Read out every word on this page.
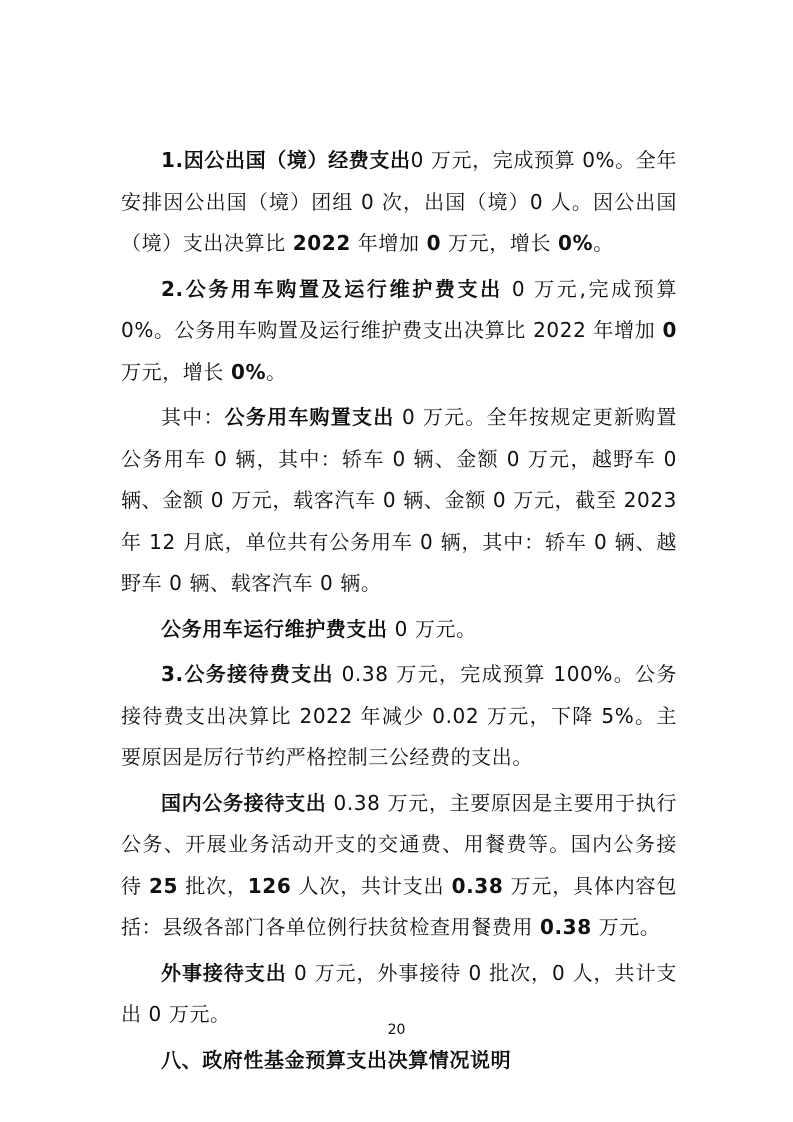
1.因公出国（境）经费支出0 万元，完成预算 0%。全年安排因公出国（境）团组 0 次，出国（境）0 人。因公出国（境）支出决算比 2022 年增加 0 万元，增长 0%。

2.公务用车购置及运行维护费支出 0 万元,完成预算 0%。公务用车购置及运行维护费支出决算比 2022 年增加 0 万元，增长 0%。

其中：公务用车购置支出 0 万元。全年按规定更新购置公务用车 0 辆，其中：轿车 0 辆、金额 0 万元，越野车 0 辆、金额 0 万元，载客汽车 0 辆、金额 0 万元，截至 2023 年 12 月底，单位共有公务用车 0 辆，其中：轿车 0 辆、越野车 0 辆、载客汽车 0 辆。

公务用车运行维护费支出 0 万元。

3.公务接待费支出 0.38 万元，完成预算 100%。公务接待费支出决算比 2022 年减少 0.02 万元，下降 5%。主要原因是厉行节约严格控制三公经费的支出。

国内公务接待支出 0.38 万元，主要原因是主要用于执行公务、开展业务活动开支的交通费、用餐费等。国内公务接待 25 批次，126 人次，共计支出 0.38 万元，具体内容包括：县级各部门各单位例行扶贫检查用餐费用 0.38 万元。

外事接待支出 0 万元，外事接待 0 批次，0 人，共计支出 0 万元。

八、政府性基金预算支出决算情况说明

20
